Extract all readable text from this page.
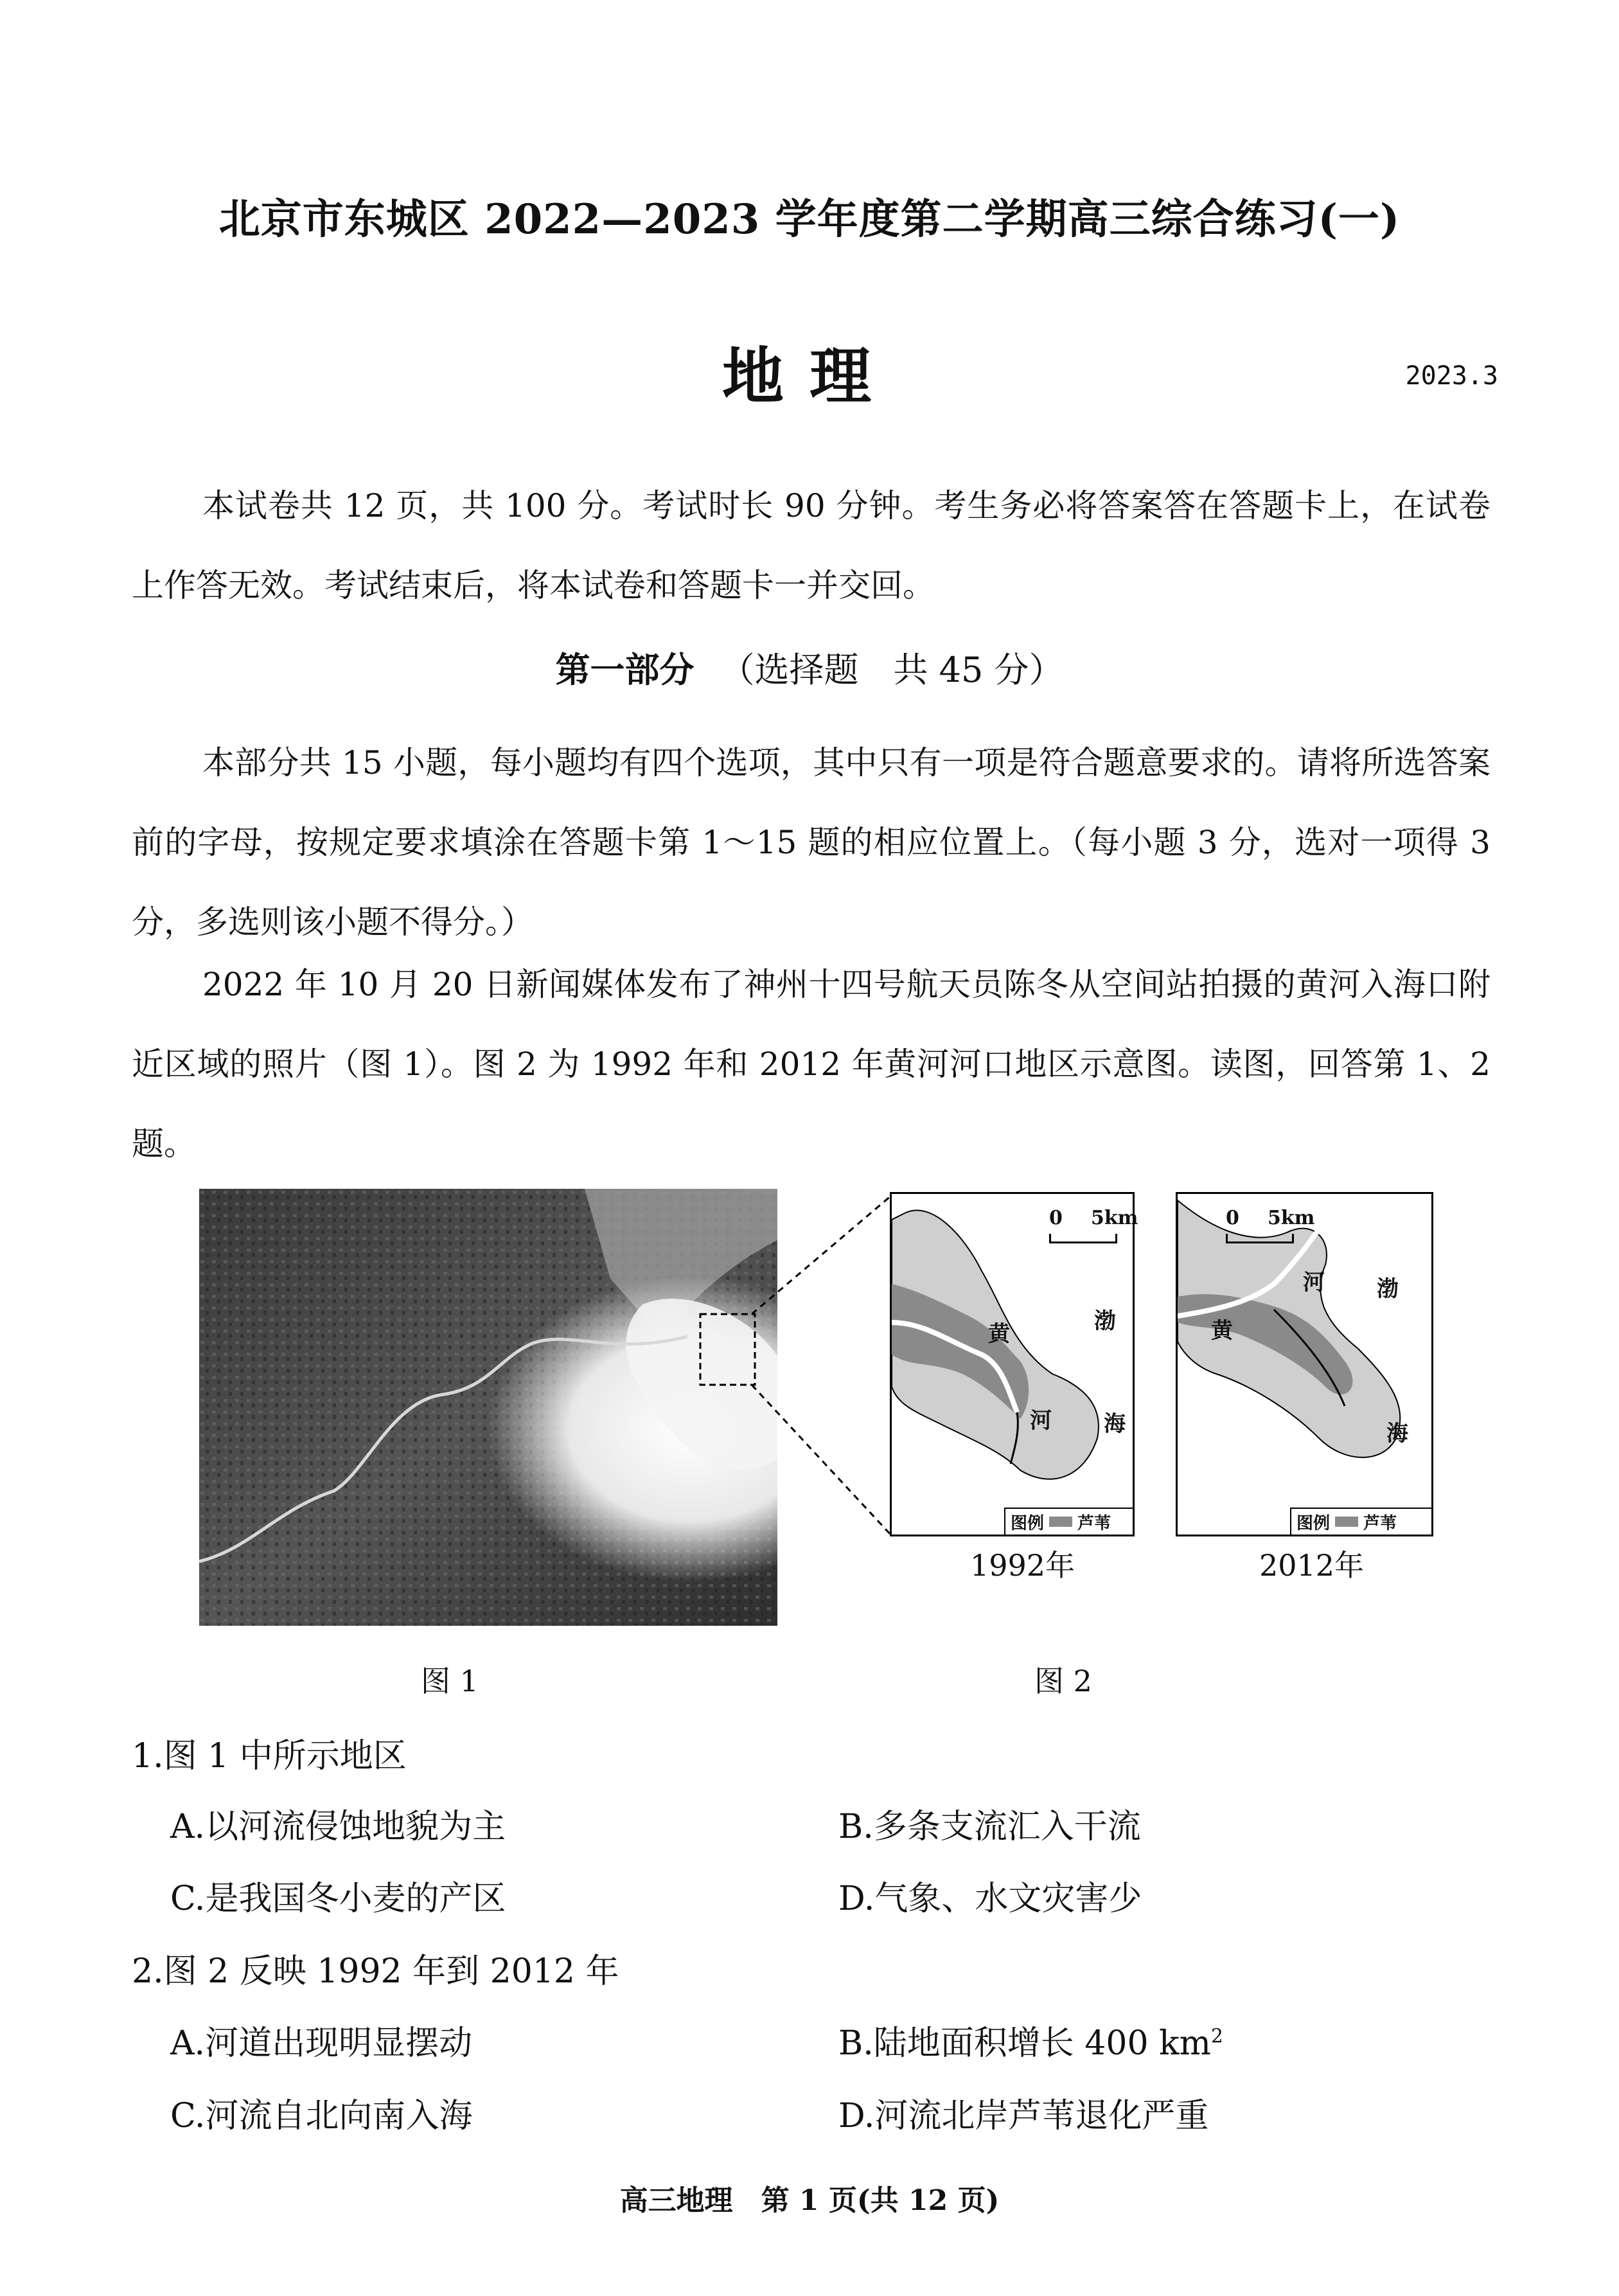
北京市东城区 2022—2023 学年度第二学期高三综合练习(一)
地理	2023.3
本试卷共 12 页，共 100 分。考试时长 90 分钟。考生务必将答案答在答题卡上，在试卷上作答无效。考试结束后，将本试卷和答题卡一并交回。
第一部分 （选择题　共 45 分）
本部分共 15 小题，每小题均有四个选项，其中只有一项是符合题意要求的。请将所选答案前的字母，按规定要求填涂在答题卡第 1～15 题的相应位置上。（每小题 3 分，选对一项得 3 分，多选则该小题不得分。）
2022 年 10 月 20 日新闻媒体发布了神州十四号航天员陈冬从空间站拍摄的黄河入海口附近区域的照片（图 1）。图 2 为 1992 年和 2012 年黄河河口地区示意图。读图，回答第 1、2 题。
0 5km
黄
河
渤
海
图例 芦苇
1992年
0 5km
黄
河 渤
海
图例 芦苇
2012年
图 1	图 2
1.图 1 中所示地区
A.以河流侵蚀地貌为主	B.多条支流汇入干流
C.是我国冬小麦的产区	D.气象、水文灾害少
2.图 2 反映 1992 年到 2012 年
A.河道出现明显摆动	B.陆地面积增长 400 $km^2$
C.河流自北向南入海	D.河流北岸芦苇退化严重
高三地理　第 1 页(共 12 页)
